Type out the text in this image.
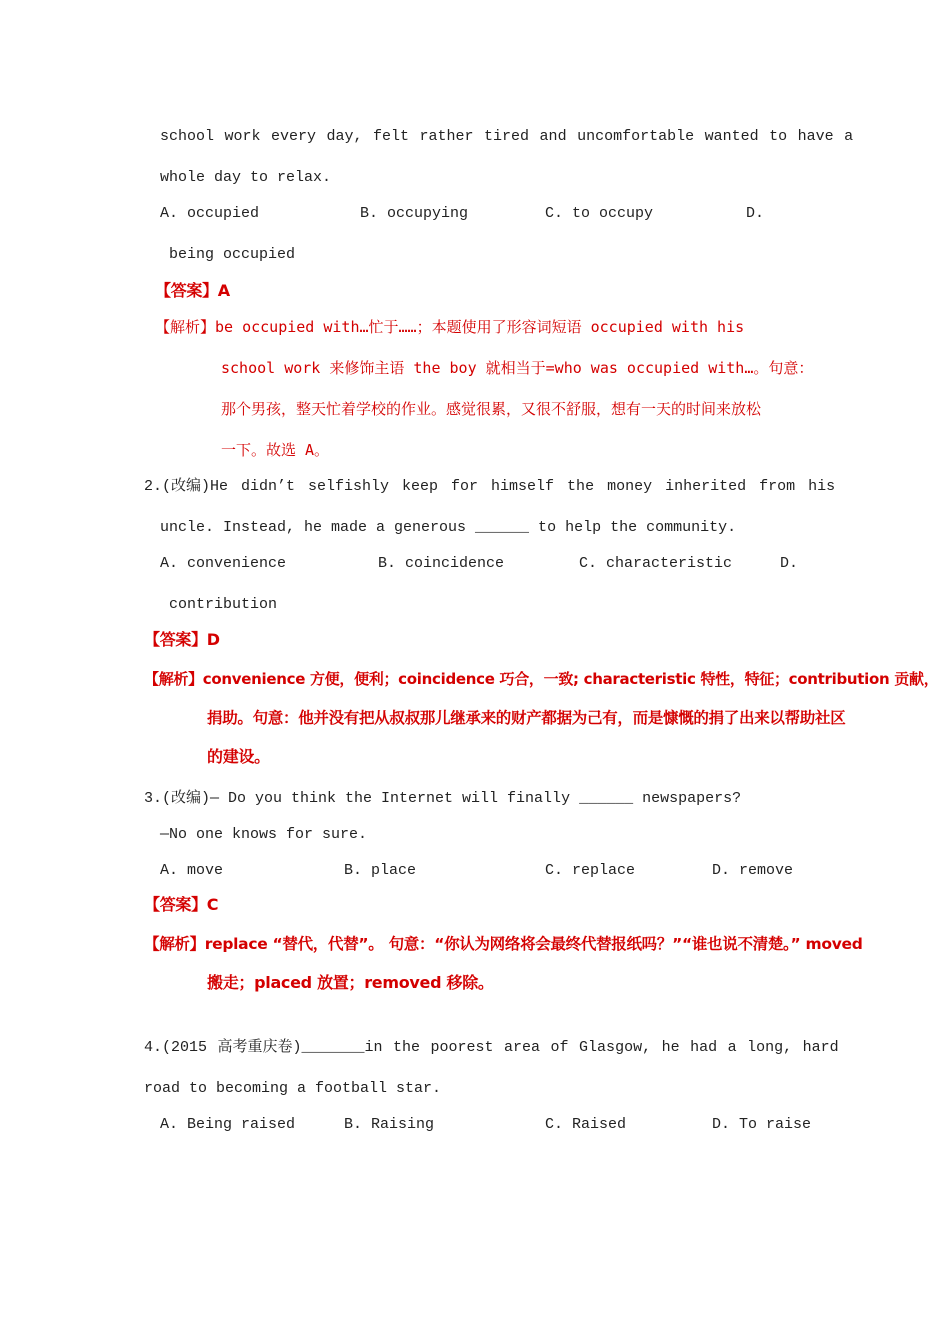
school work every day, felt rather tired and uncomfortable wanted to have a
whole day to relax.
A. occupied	B. occupying	C. to occupy	D.
being occupied
【答案】A
【解析】be occupied with…忙于……；本题使用了形容词短语 occupied with his
school work 来修饰主语 the boy 就相当于=who was occupied with…。句意：
那个男孩，整天忙着学校的作业。感觉很累，又很不舒服，想有一天的时间来放松
一下。故选 A。
2.(改编)He didn’t selfishly keep for himself the money inherited from his
uncle. Instead, he made a generous ______ to help the community.
A. convenience	B. coincidence	C. characteristic	D.
contribution
【答案】D
【解析】convenience 方便，便利；coincidence 巧合，一致; characteristic 特性，特征；contribution 贡献，
捐助。句意：他并没有把从叔叔那儿继承来的财产都据为己有，而是慷慨的捐了出来以帮助社区
的建设。
3.(改编)— Do you think the Internet will finally ______ newspapers?
—No one knows for sure.
A. move	B. place	C. replace	D. remove
【答案】C
【解析】replace “替代，代替”。 句意：“你认为网络将会最终代替报纸吗？”“谁也说不清楚。” moved
搬走；placed 放置；removed 移除。
4.(2015 高考重庆卷)_______in the poorest area of Glasgow, he had a long, hard
road to becoming a football star.
A. Being raised	B. Raising	C. Raised	D. To raise
